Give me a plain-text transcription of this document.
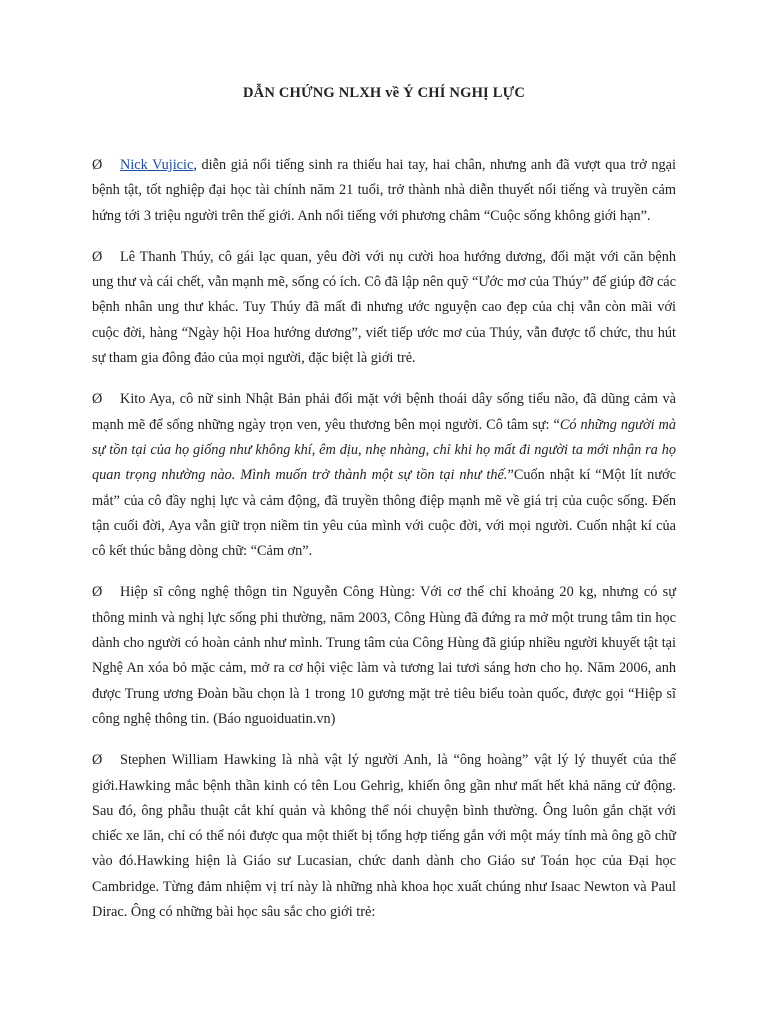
DẪN CHỨNG NLXH về Ý CHÍ NGHỊ LỰC

Ø Nick Vujicic, diễn giả nổi tiếng sinh ra thiếu hai tay, hai chân, nhưng anh đã vượt qua trở ngại bệnh tật, tốt nghiệp đại học tài chính năm 21 tuổi, trở thành nhà diễn thuyết nổi tiếng và truyền cảm hứng tới 3 triệu người trên thế giới. Anh nổi tiếng với phương châm “Cuộc sống không giới hạn”.

Ø Lê Thanh Thúy, cô gái lạc quan, yêu đời với nụ cười hoa hướng dương, đối mặt với căn bệnh ung thư và cái chết, vẫn mạnh mẽ, sống có ích. Cô đã lập nên quỹ “Ước mơ của Thúy” để giúp đỡ các bệnh nhân ung thư khác. Tuy Thúy đã mất đi nhưng ước nguyện cao đẹp của chị vẫn còn mãi với cuộc đời, hàng “Ngày hội Hoa hướng dương”, viết tiếp ước mơ của Thúy, vẫn được tổ chức, thu hút sự tham gia đông đảo của mọi người, đặc biệt là giới trẻ.

Ø Kito Aya, cô nữ sinh Nhật Bản phải đối mặt với bệnh thoái dây sống tiểu não, đã dũng cảm và mạnh mẽ để sống những ngày trọn ven, yêu thương bên mọi người. Cô tâm sự: “Có những người mà sự tồn tại của họ giống như không khí, êm dịu, nhẹ nhàng, chỉ khi họ mất đi người ta mới nhận ra họ quan trọng nhường nào. Mình muốn trở thành một sự tồn tại như thế.”Cuốn nhật kí “Một lít nước mắt” của cô đầy nghị lực và cảm động, đã truyền thông điệp mạnh mẽ về giá trị của cuộc sống. Đến tận cuối đời, Aya vẫn giữ trọn niềm tin yêu của mình với cuộc đời, với mọi người. Cuốn nhật kí của cô kết thúc bằng dòng chữ: “Cảm ơn”.

Ø Hiệp sĩ công nghệ thôgn tin Nguyễn Công Hùng: Với cơ thể chỉ khoảng 20 kg, nhưng có sự thông minh và nghị lực sống phi thường, năm 2003, Công Hùng đã đứng ra mở một trung tâm tin học dành cho người có hoàn cảnh như mình. Trung tâm của Công Hùng đã giúp nhiều người khuyết tật tại Nghệ An xóa bỏ mặc cảm, mở ra cơ hội việc làm và tương lai tươi sáng hơn cho họ. Năm 2006, anh được Trung ương Đoàn bầu chọn là 1 trong 10 gương mặt trẻ tiêu biểu toàn quốc, được gọi “Hiệp sĩ công nghệ thông tin. (Báo nguoiduatin.vn)

Ø Stephen William Hawking là nhà vật lý người Anh, là “ông hoàng” vật lý lý thuyết của thế giới.Hawking mắc bệnh thần kinh có tên Lou Gehrig, khiến ông gần như mất hết khả năng cử động. Sau đó, ông phẫu thuật cắt khí quản và không thể nói chuyện bình thường. Ông luôn gắn chặt với chiếc xe lăn, chỉ có thể nói được qua một thiết bị tổng hợp tiếng gắn với một máy tính mà ông gõ chữ vào đó.Hawking hiện là Giáo sư Lucasian, chức danh dành cho Giáo sư Toán học của Đại học Cambridge. Từng đảm nhiệm vị trí này là những nhà khoa học xuất chúng như Isaac Newton và Paul Dirac. Ông có những bài học sâu sắc cho giới trẻ:
